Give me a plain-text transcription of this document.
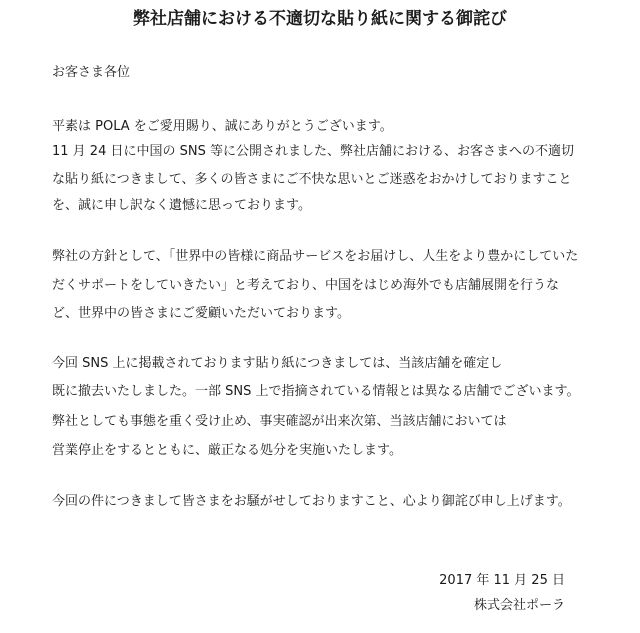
弊社店舗における不適切な貼り紙に関する御詫び
お客さま各位
平素は POLA をご愛用賜り、誠にありがとうございます。
11 月 24 日に中国の SNS 等に公開されました、弊社店舗における、お客さまへの不適切
な貼り紙につきまして、多くの皆さまにご不快な思いとご迷惑をおかけしておりますこと
を、誠に申し訳なく遺憾に思っております。
弊社の方針として、「世界中の皆様に商品サービスをお届けし、人生をより豊かにしていた
だくサポートをしていきたい」と考えており、中国をはじめ海外でも店舗展開を行うな
ど、世界中の皆さまにご愛顧いただいております。
今回 SNS 上に掲載されております貼り紙につきましては、当該店舗を確定し
既に撤去いたしました。一部 SNS 上で指摘されている情報とは異なる店舗でございます。
弊社としても事態を重く受け止め、事実確認が出来次第、当該店舗においては
営業停止をするとともに、厳正なる処分を実施いたします。
今回の件につきまして皆さまをお騒がせしておりますこと、心より御詫び申し上げます。
2017 年 11 月 25 日
株式会社ポーラ
